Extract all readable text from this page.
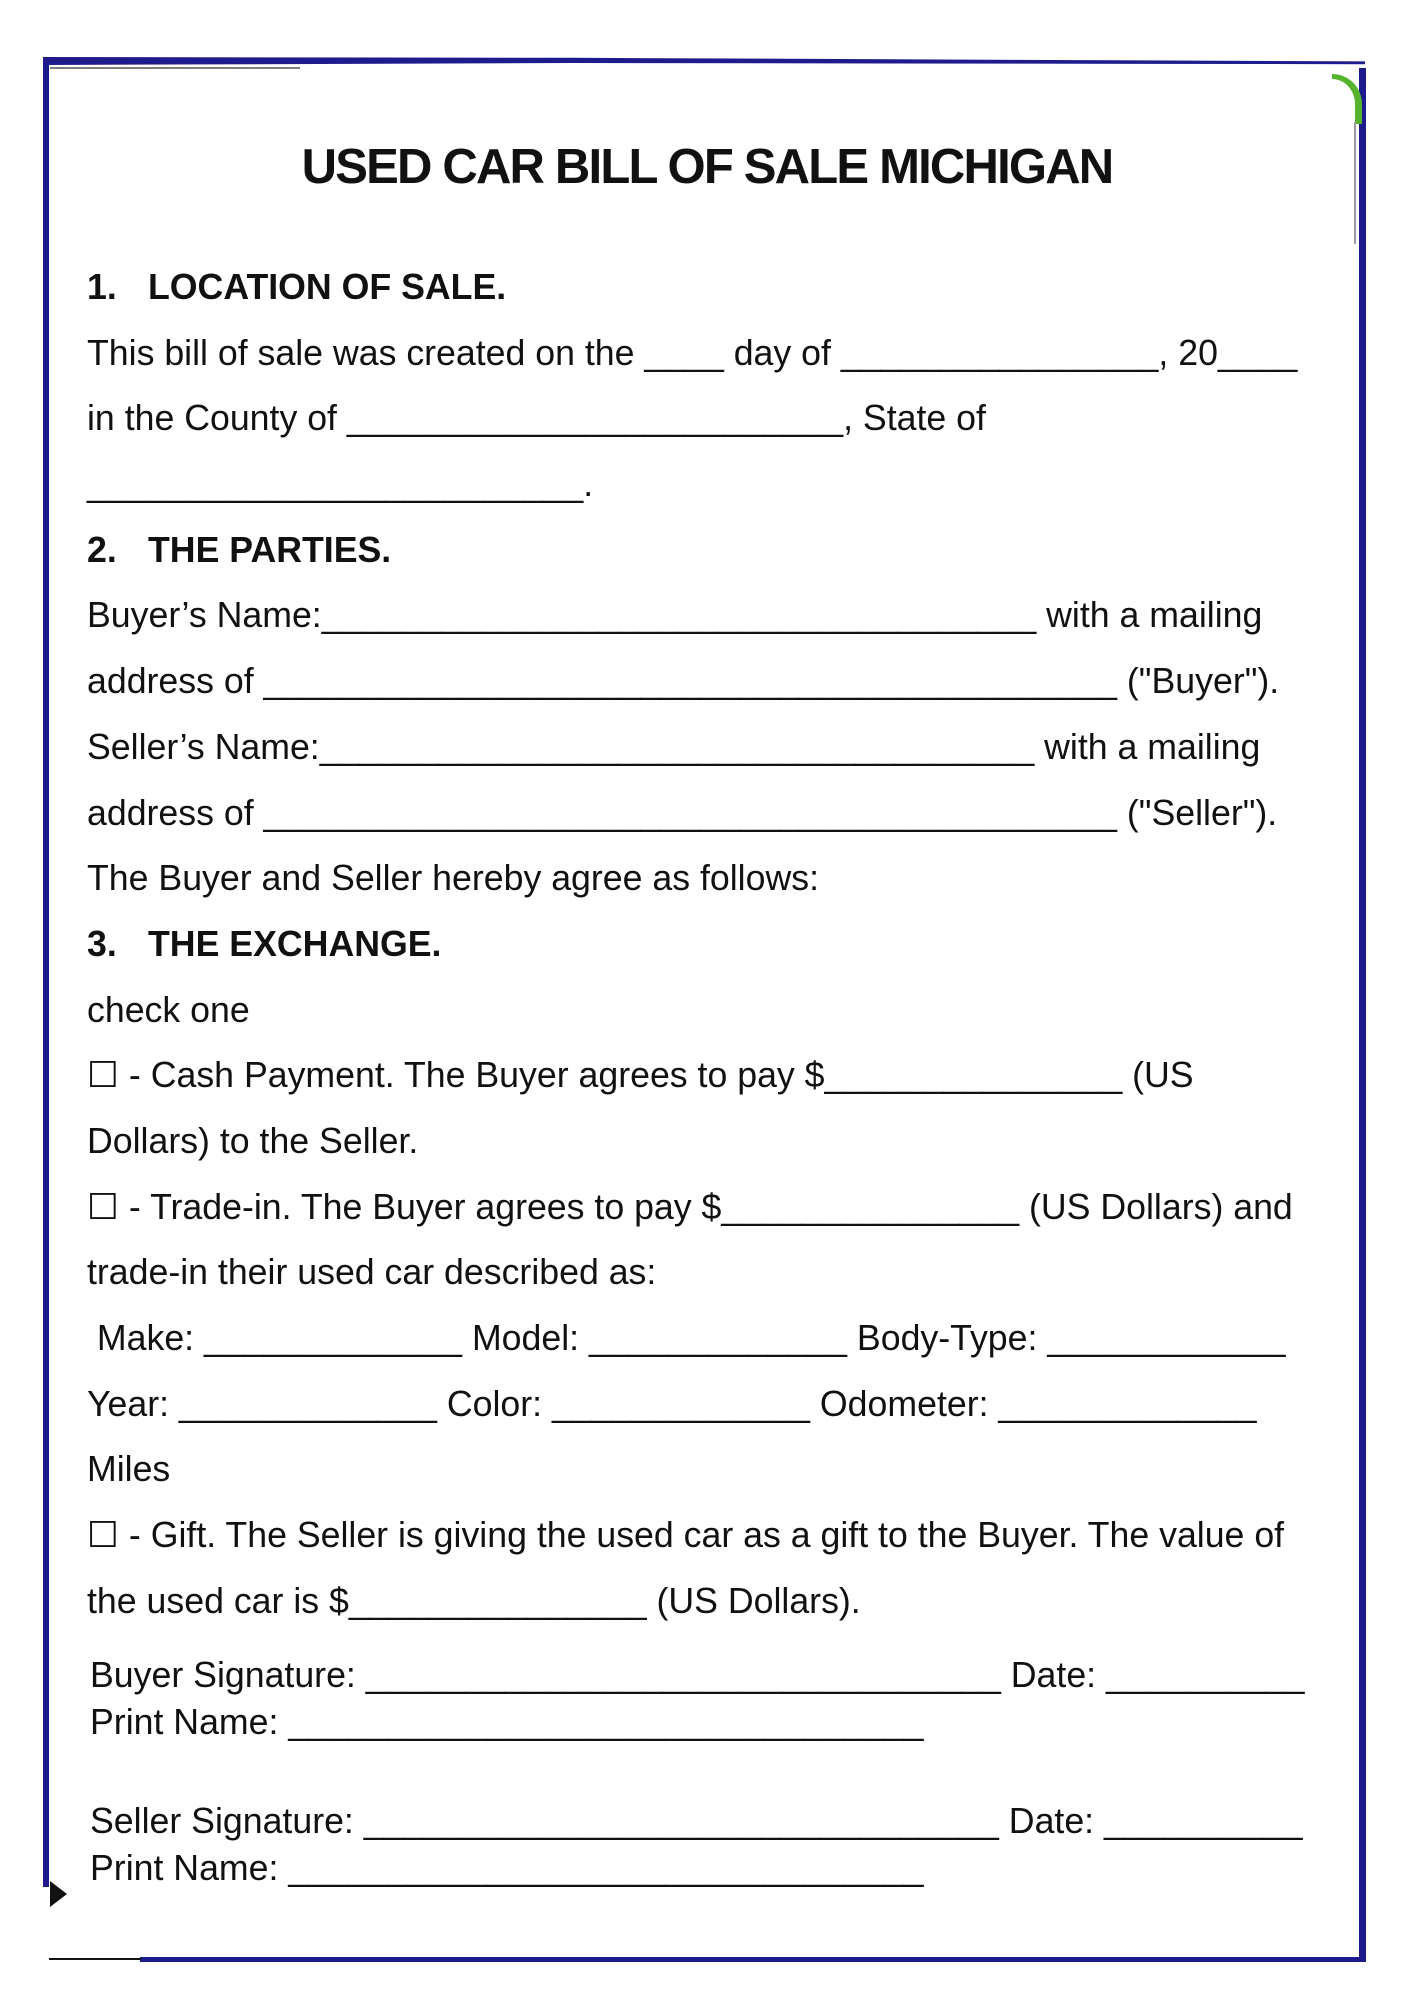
USED CAR BILL OF SALE MICHIGAN
1. LOCATION OF SALE.
This bill of sale was created on the ____ day of ________________, 20____
in the County of _________________________, State of
_________________________.
2. THE PARTIES.
Buyer’s Name:____________________________________ with a mailing
address of ___________________________________________ ("Buyer").
Seller’s Name:____________________________________ with a mailing
address of ___________________________________________ ("Seller").
The Buyer and Seller hereby agree as follows:
3. THE EXCHANGE.
check one
☐ - Cash Payment. The Buyer agrees to pay $_______________ (US
Dollars) to the Seller.
☐ - Trade-in. The Buyer agrees to pay $_______________ (US Dollars) and
trade-in their used car described as:
Make: _____________ Model: _____________ Body-Type: ____________
Year: _____________ Color: _____________ Odometer: _____________
Miles
☐ - Gift. The Seller is giving the used car as a gift to the Buyer. The value of
the used car is $_______________ (US Dollars).
Buyer Signature: ________________________________ Date: __________
Print Name: ________________________________
Seller Signature: ________________________________ Date: __________
Print Name: ________________________________
